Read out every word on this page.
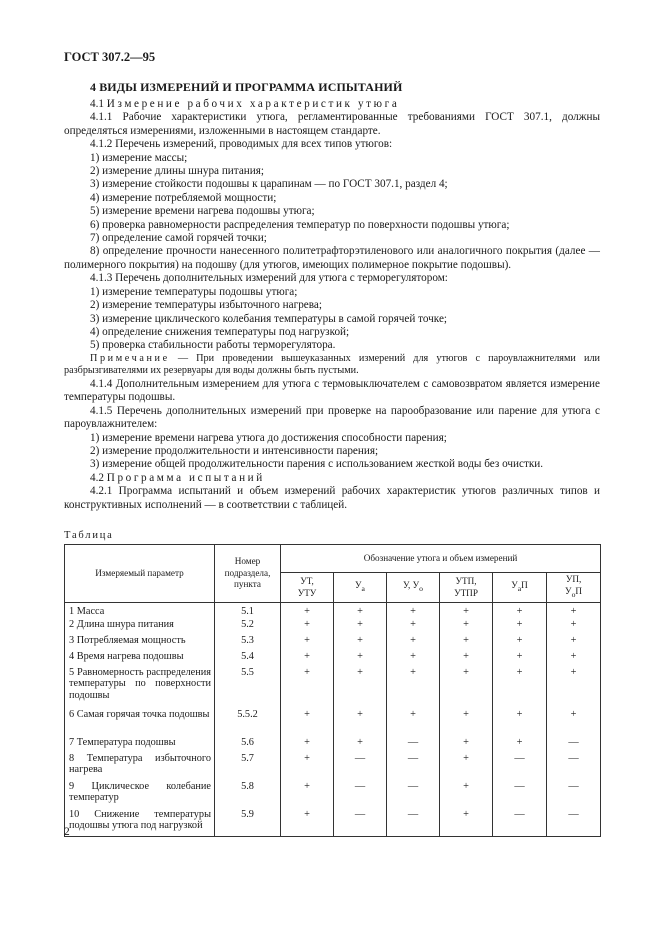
ГОСТ 307.2—95
4 ВИДЫ ИЗМЕРЕНИЙ И ПРОГРАММА ИСПЫТАНИЙ

4.1 Измерение рабочих характеристик утюга

4.1.1 Рабочие характеристики утюга, регламентированные требованиями ГОСТ 307.1, должны определяться измерениями, изложенными в настоящем стандарте.

4.1.2 Перечень измерений, проводимых для всех типов утюгов:

1) измерение массы;

2) измерение длины шнура питания;

3) измерение стойкости подошвы к царапинам — по ГОСТ 307.1, раздел 4;

4) измерение потребляемой мощности;

5) измерение времени нагрева подошвы утюга;

6) проверка равномерности распределения температур по поверхности подошвы утюга;

7) определение самой горячей точки;

8) определение прочности нанесенного политетрафторэтиленового или аналогичного покрытия (далее — полимерного покрытия) на подошву (для утюгов, имеющих полимерное покрытие подошвы).

4.1.3 Перечень дополнительных измерений для утюга с терморегулятором:

1) измерение температуры подошвы утюга;

2) измерение температуры избыточного нагрева;

3) измерение циклического колебания температуры в самой горячей точке;

4) определение снижения температуры под нагрузкой;

5) проверка стабильности работы терморегулятора.

Примечание — При проведении вышеуказанных измерений для утюгов с пароувлажнителями или разбрызгивателями их резервуары для воды должны быть пустыми.

4.1.4 Дополнительным измерением для утюга с термовыключателем с самовозвратом является измерение температуры подошвы.

4.1.5 Перечень дополнительных измерений при проверке на парообразование или парение для утюга с пароувлажнителем:

1) измерение времени нагрева утюга до достижения способности парения;

2) измерение продолжительности и интенсивности парения;

3) измерение общей продолжительности парения с использованием жесткой воды без очистки.

4.2 Программа испытаний

4.2.1 Программа испытаний и объем измерений рабочих характеристик утюгов различных типов и конструктивных исполнений — в соответствии с таблицей.

Таблица
Измеряемый параметр	Номер подраздела, пункта	Обозначение утюга и объем измерений					
		УТ,
УТУ	$У_а$	У, $У_о$	УТП,
УТПР	$У_аП$	УП,
$У_оП$
1 Масса	5.1	+	+	+	+	+	+
2 Длина шнура питания	5.2	+	+	+	+	+	+
3 Потребляемая мощность	5.3	+	+	+	+	+	+
4 Время нагрева подошвы	5.4	+	+	+	+	+	+
5 Равномерность распределения температуры по поверхности подошвы	5.5	+	+	+	+	+	+
6 Самая горячая точка подошвы	5.5.2	+	+	+	+	+	+
7 Температура подошвы	5.6	+	+	—	+	+	—
8 Температура избыточного нагрева	5.7	+	—	—	+	—	—
9 Циклическое колебание температур	5.8	+	—	—	+	—	—
10 Снижение температуры подошвы утюга под нагрузкой	5.9	+	—	—	+	—	—
2
